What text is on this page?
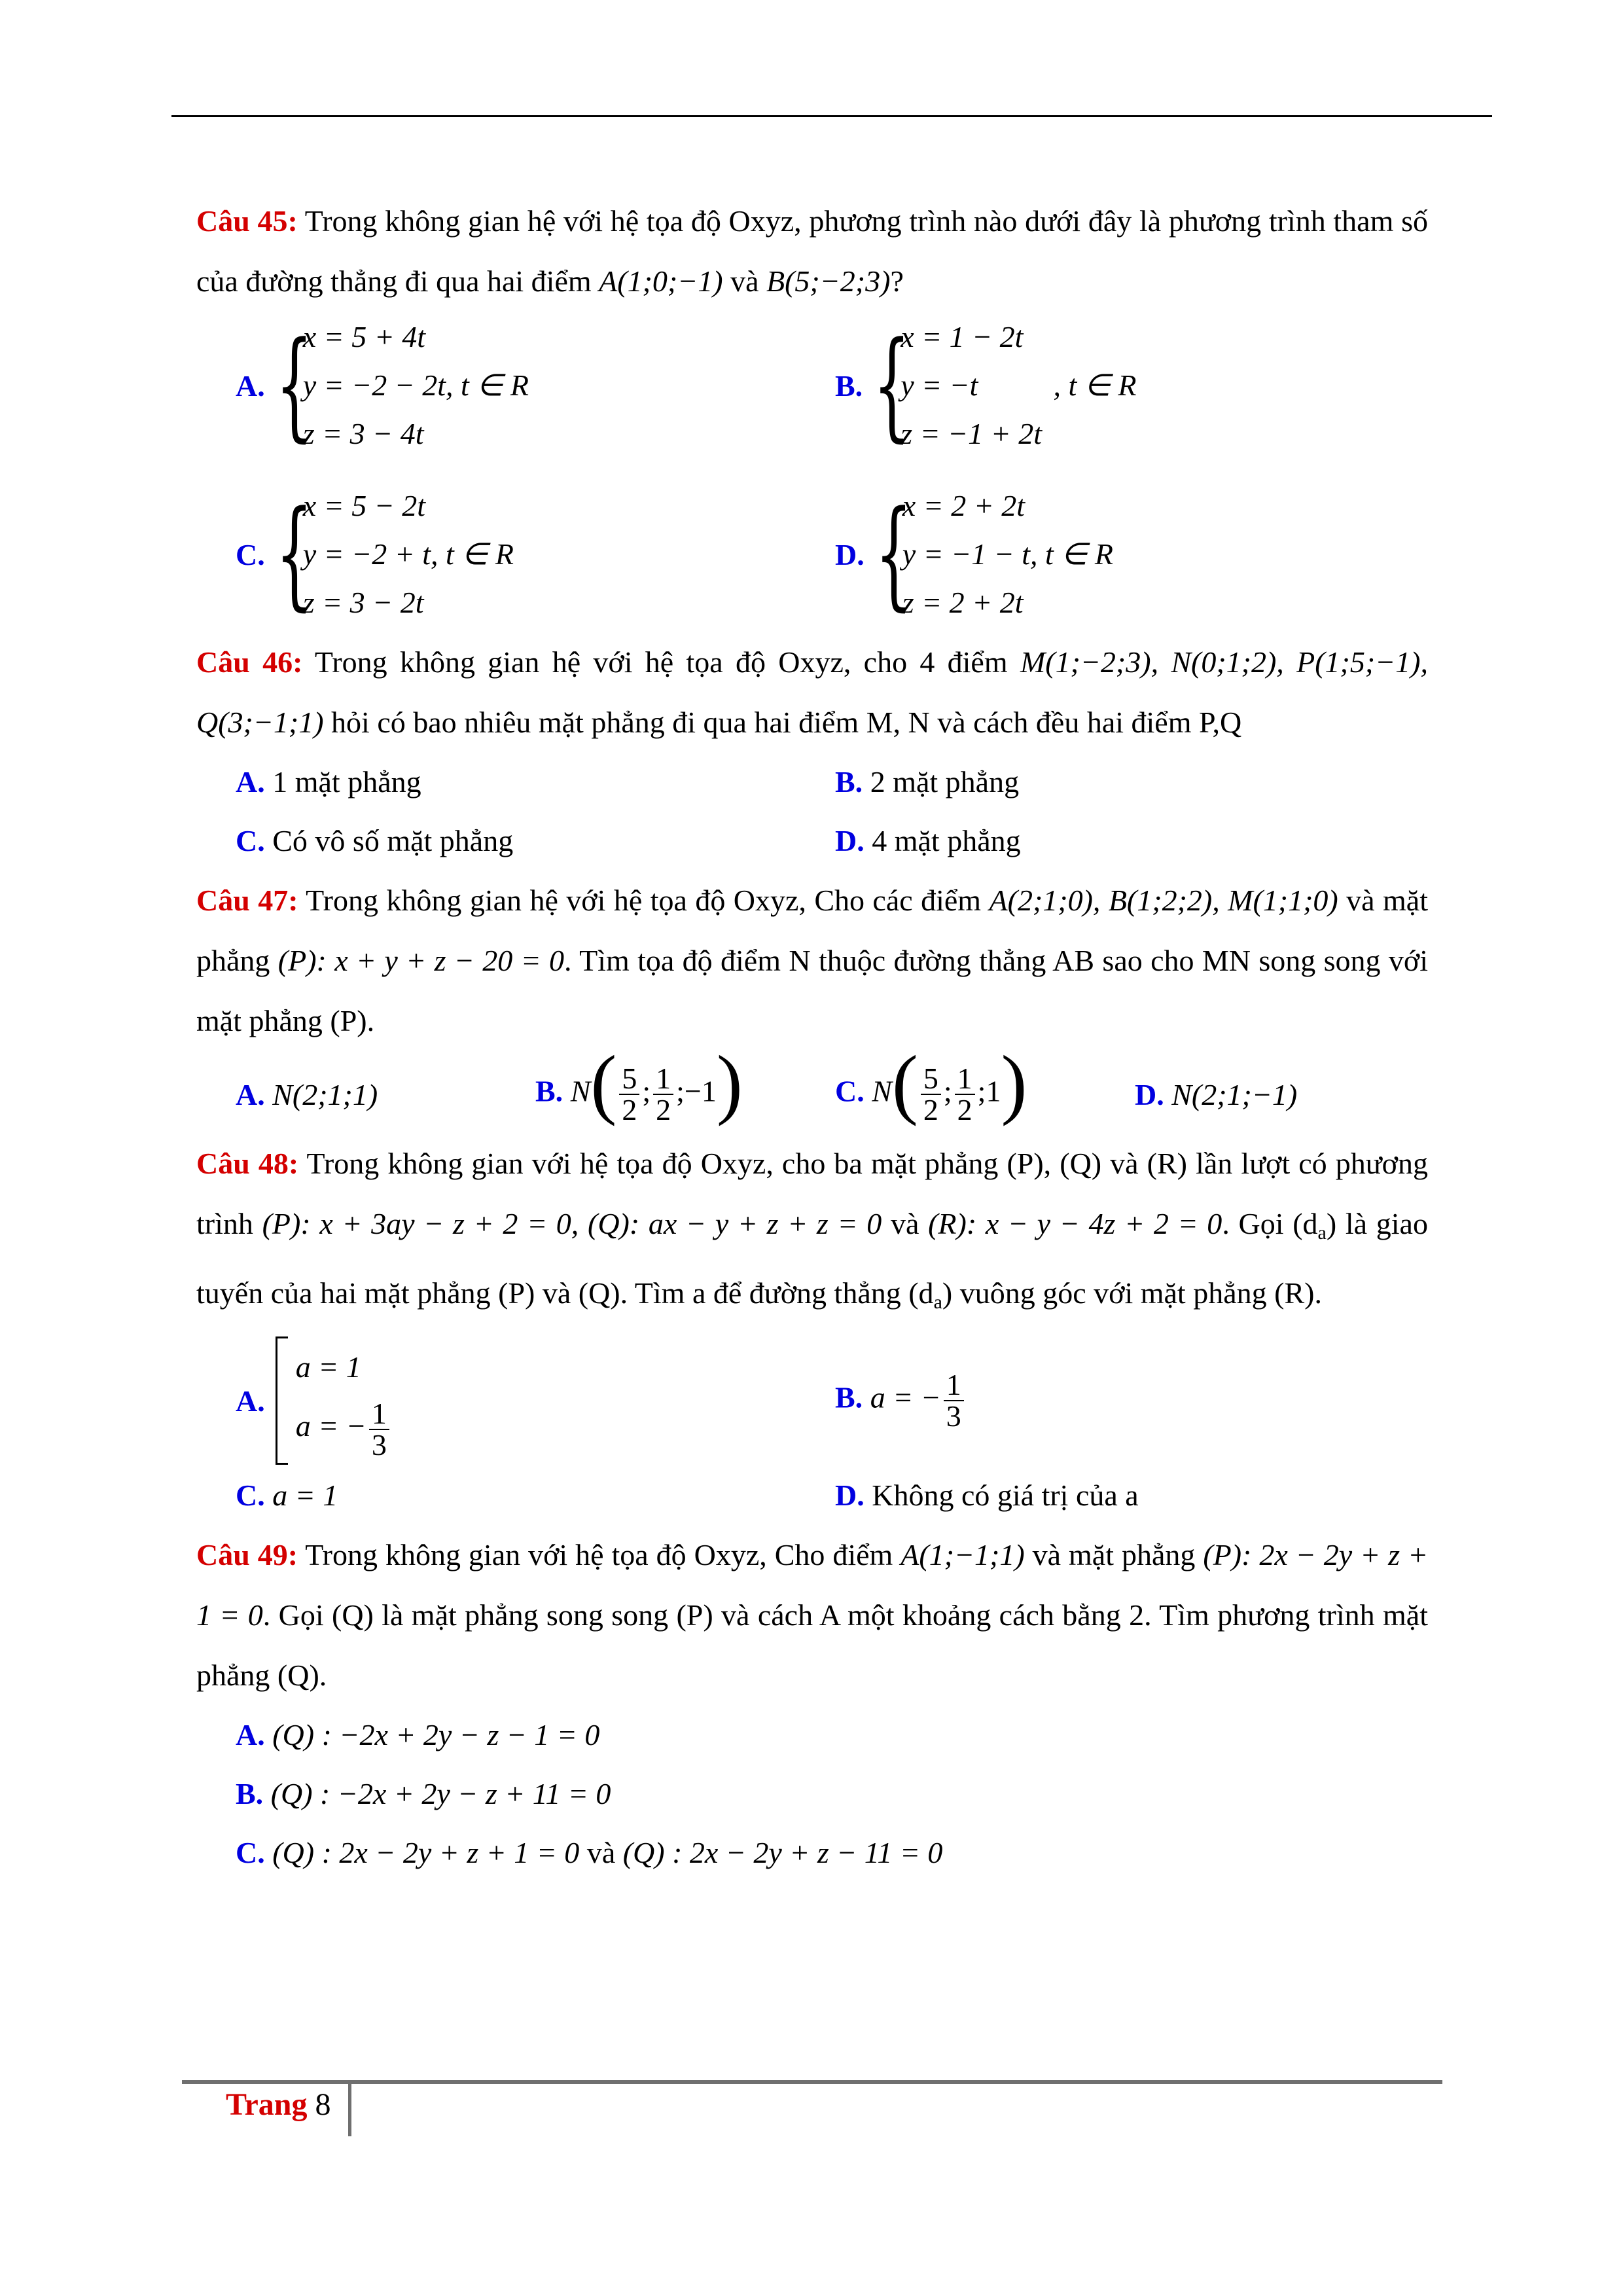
Câu 45: Trong không gian hệ với hệ tọa độ Oxyz, phương trình nào dưới đây là phương trình tham số của đường thẳng đi qua hai điểm A(1;0;−1) và B(5;−2;3)?

A. {
x = 5 + 4t
y = −2 − 2t, t ∈ R
z = 3 − 4t
B. {
x = 1 − 2t
y = −t          , t ∈ R
z = −1 + 2t
C. {
x = 5 − 2t
y = −2 + t, t ∈ R
z = 3 − 2t
D. {
x = 2 + 2t
y = −1 − t, t ∈ R
z = 2 + 2t

Câu 46: Trong không gian hệ với hệ tọa độ Oxyz, cho 4 điểm M(1;−2;3), N(0;1;2), P(1;5;−1), Q(3;−1;1) hỏi có bao nhiêu mặt phẳng đi qua hai điểm M, N và cách đều hai điểm P,Q

A. 1 mặt phẳng	B. 2 mặt phẳng
C. Có vô số mặt phẳng	D. 4 mặt phẳng

Câu 47: Trong không gian hệ với hệ tọa độ Oxyz, Cho các điểm A(2;1;0), B(1;2;2), M(1;1;0) và mặt phẳng (P): x + y + z − 20 = 0. Tìm tọa độ điểm N thuộc đường thẳng AB sao cho MN song song với mặt phẳng (P).

A. N(2;1;1)	B. $N( \frac{5}{2}$ ; $\frac{1}{2}$ ;−1)	C. $N( \frac{5}{2}$ ; $\frac{1}{2}$ ;1)	D. N(2;1;−1)

Câu 48: Trong không gian với hệ tọa độ Oxyz, cho ba mặt phẳng (P), (Q) và (R) lần lượt có phương trình (P): x + 3ay − z + 2 = 0, (Q): ax − y + z + z = 0 và (R): x − y − 4z + 2 = 0. Gọi $(d_a)$ là giao tuyến của hai mặt phẳng (P) và (Q). Tìm a để đường thẳng $(d_a)$ vuông góc với mặt phẳng (R).

A.
a = 1
a = − $\frac{1}{3}$
B. a = − $\frac{1}{3}$
C. a = 1	D. Không có giá trị của a

Câu 49: Trong không gian với hệ tọa độ Oxyz, Cho điểm A(1;−1;1) và mặt phẳng (P): 2x − 2y + z + 1 = 0. Gọi (Q) là mặt phẳng song song (P) và cách A một khoảng cách bằng 2. Tìm phương trình mặt phẳng (Q).

A. (Q) : −2x + 2y − z − 1 = 0
B. (Q) : −2x + 2y − z + 11 = 0
C. (Q) : 2x − 2y + z + 1 = 0 và (Q) : 2x − 2y + z − 11 = 0
Trang 8
